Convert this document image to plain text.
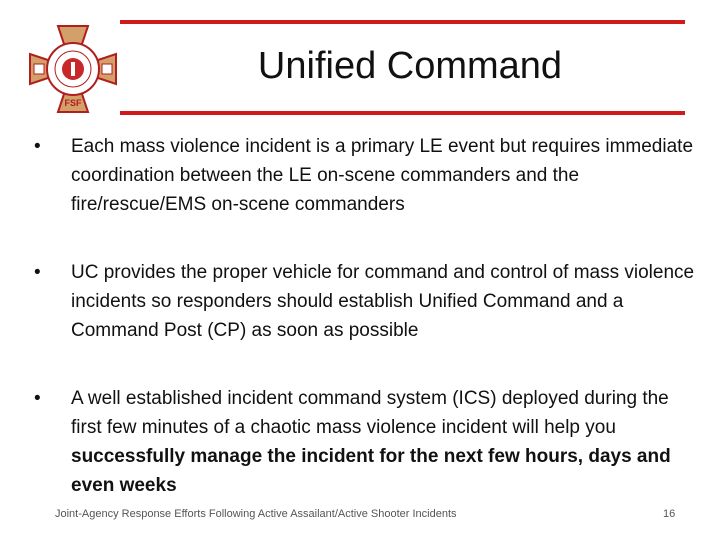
FSF
Unified Command
•	Each mass violence incident is a primary LE event but requires immediate coordination between the LE on-scene commanders and the fire/rescue/EMS on-scene commanders
•	UC provides the proper vehicle for command and control of mass violence incidents so responders should establish Unified Command and a Command Post (CP) as soon as possible
•	A well established incident command system (ICS) deployed during the first few minutes of a chaotic mass violence incident will help you successfully manage the incident for the next few hours, days and even weeks
Joint-Agency Response Efforts Following Active Assailant/Active Shooter Incidents	16
